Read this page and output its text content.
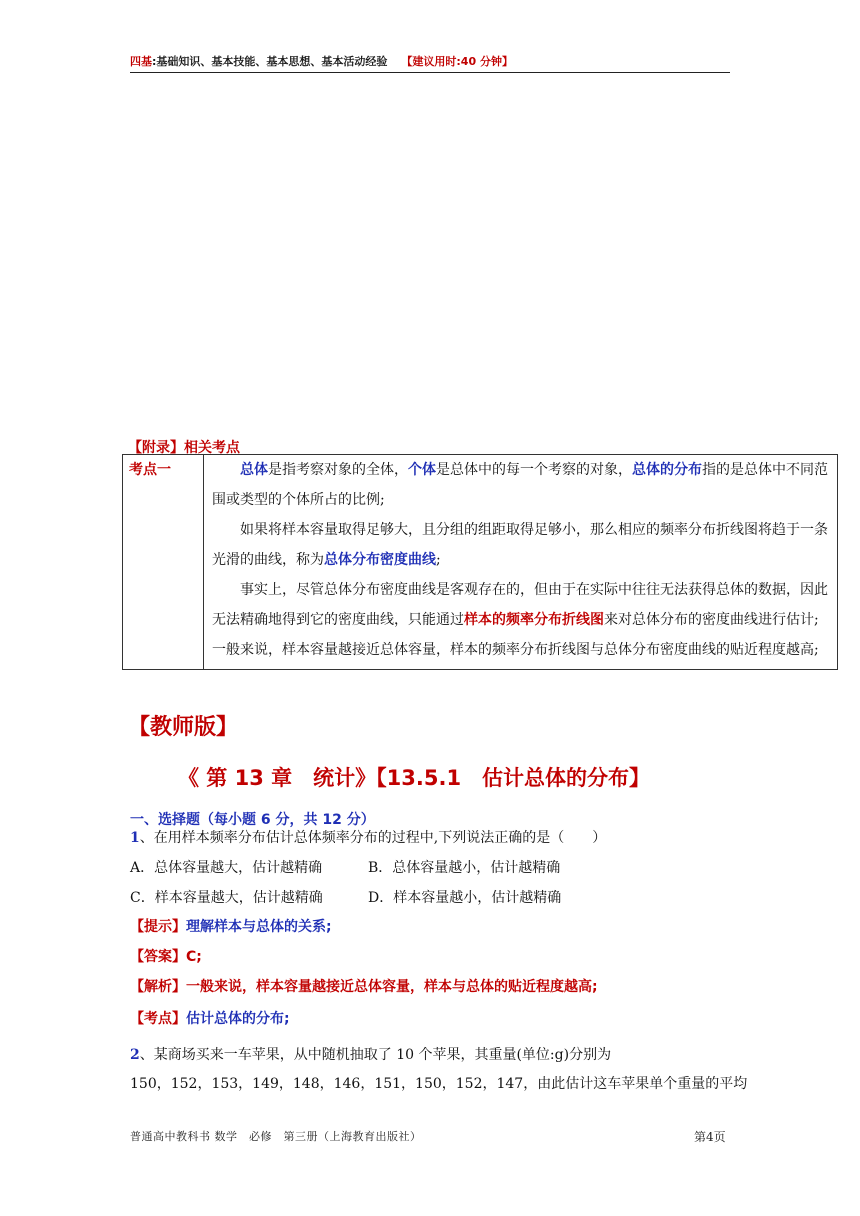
四基:基础知识、基本技能、基本思想、基本活动经验 【建议用时:40 分钟】
【附录】相关考点
考点一	总体是指考察对象的全体，个体是总体中的每一个考察的对象，总体的分布指的是总体中不同范围或类型的个体所占的比例;

如果将样本容量取得足够大，且分组的组距取得足够小，那么相应的频率分布折线图将趋于一条光滑的曲线，称为总体分布密度曲线;

事实上，尽管总体分布密度曲线是客观存在的，但由于在实际中往往无法获得总体的数据，因此无法精确地得到它的密度曲线，只能通过样本的频率分布折线图来对总体分布的密度曲线进行估计;一般来说，样本容量越接近总体容量，样本的频率分布折线图与总体分布密度曲线的贴近程度越高;

【教师版】
《 第 13 章　统计》【13.5.1　估计总体的分布】
一、选择题（每小题 6 分，共 12 分）
1、在用样本频率分布估计总体频率分布的过程中,下列说法正确的是（　　）
A．总体容量越大，估计越精确	B．总体容量越小，估计越精确
C．样本容量越大，估计越精确	D．样本容量越小，估计越精确
【提示】理解样本与总体的关系;
【答案】C;
【解析】一般来说，样本容量越接近总体容量，样本与总体的贴近程度越高;
【考点】估计总体的分布;
2、某商场买来一车苹果，从中随机抽取了 10 个苹果，其重量(单位:g)分别为
150，152，153，149，148，146，151，150，152，147，由此估计这车苹果单个重量的平均
普通高中教科书 数学　必修　第三册（上海教育出版社）	第4页
